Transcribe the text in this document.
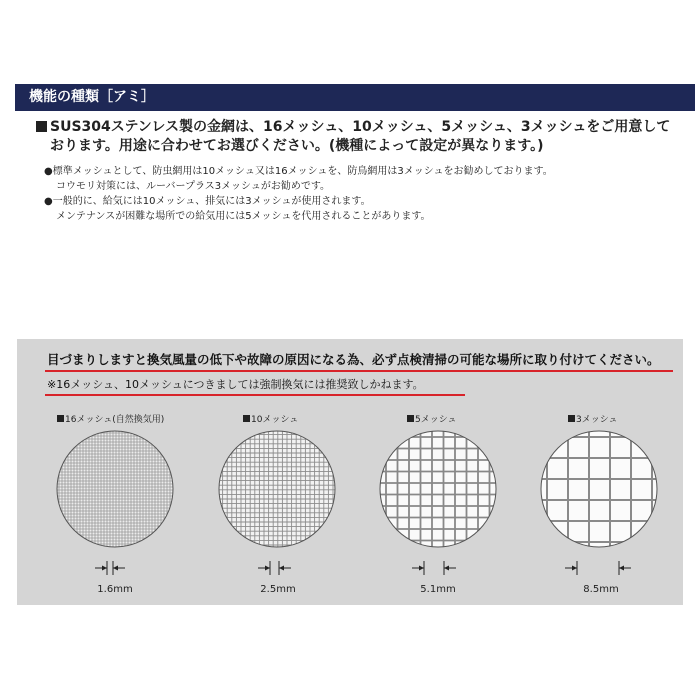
機能の種類［アミ］
SUS304ステンレス製の金網は、16メッシュ、10メッシュ、5メッシュ、3メッシュをご用意して
おります。用途に合わせてお選びください。(機種によって設定が異なります。)
●標準メッシュとして、防虫網用は10メッシュ又は16メッシュを、防鳥網用は3メッシュをお勧めしております。
コウモリ対策には、ルーバープラス3メッシュがお勧めです。
●一般的に、給気には10メッシュ、排気には3メッシュが使用されます。
メンテナンスが困難な場所での給気用には5メッシュを代用されることがあります。
目づまりしますと換気風量の低下や故障の原因になる為、必ず点検清掃の可能な場所に取り付けてください。
※16メッシュ、10メッシュにつきましては強制換気には推奨致しかねます。
16メッシュ(自然換気用)	10メッシュ	5メッシュ	3メッシュ
1.6mm	2.5mm	5.1mm	8.5mm
